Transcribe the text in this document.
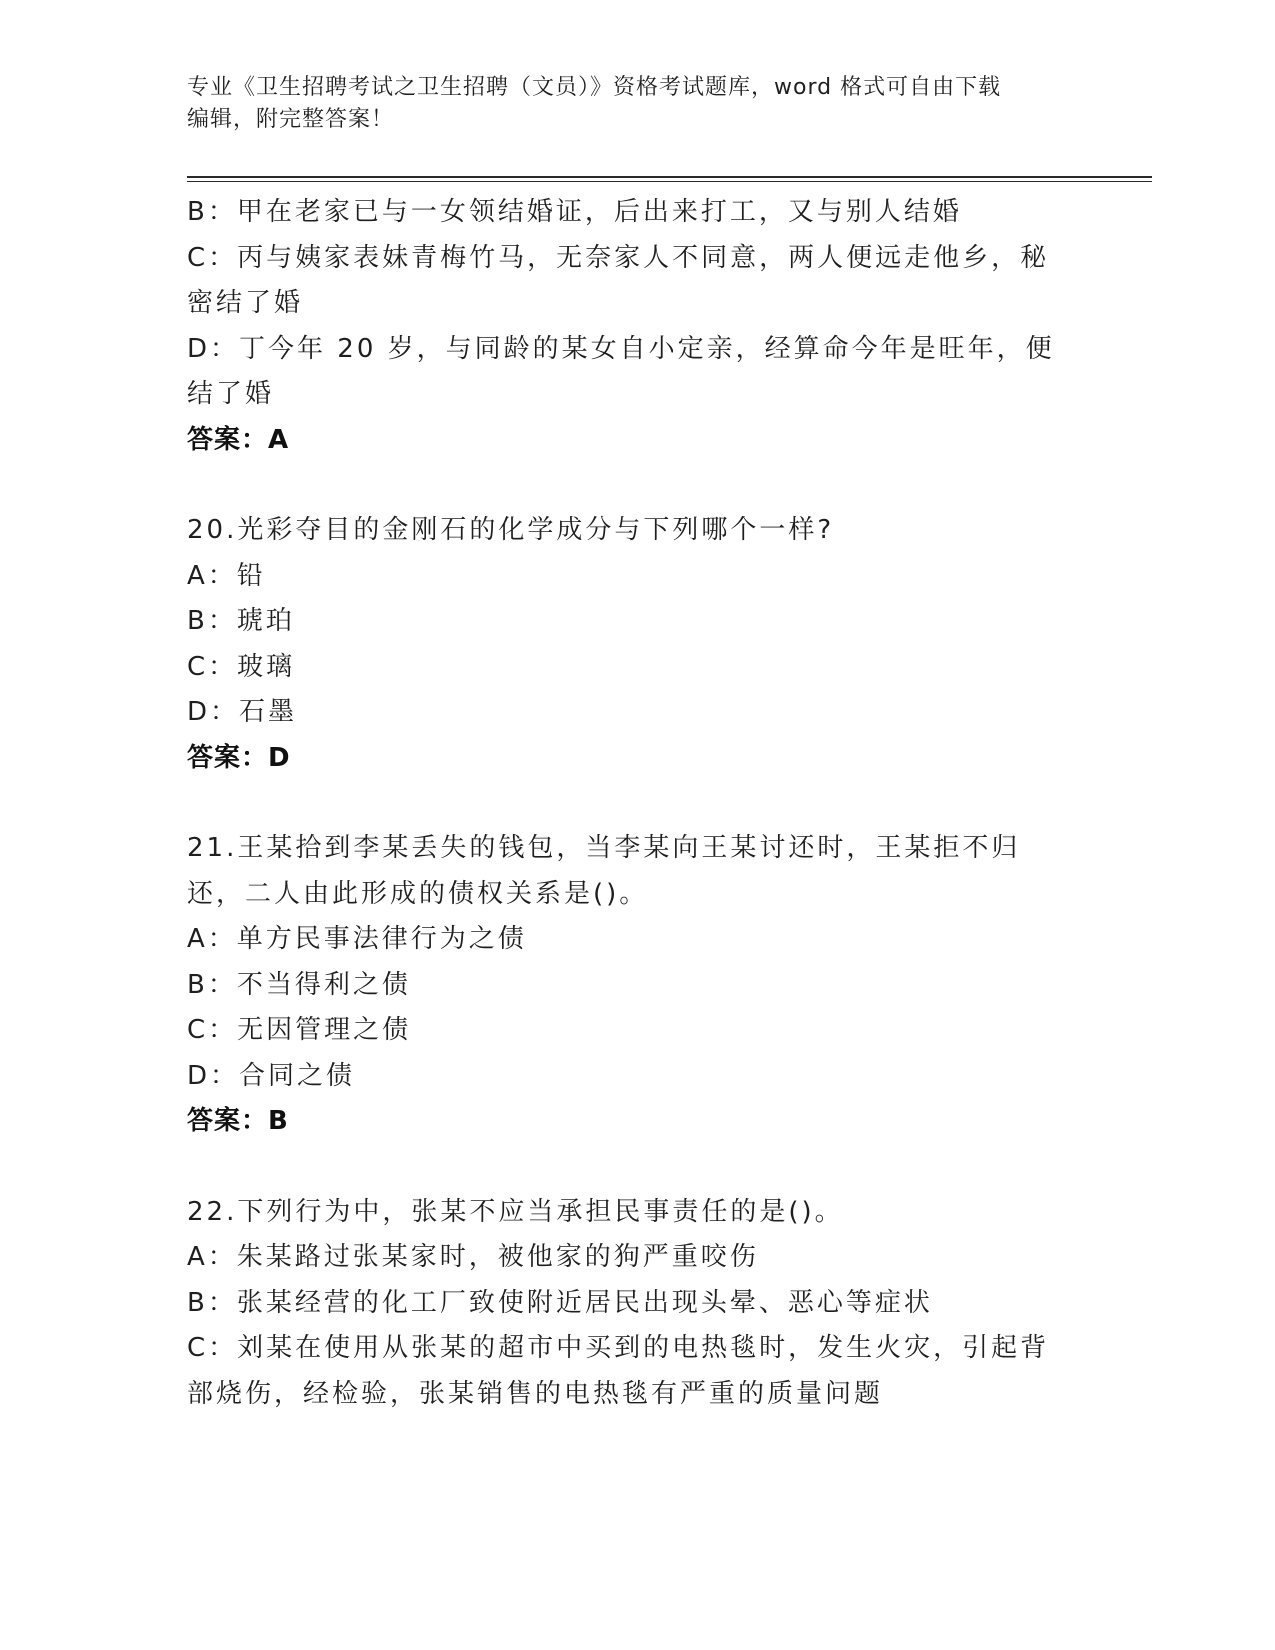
专业《卫生招聘考试之卫生招聘（文员）》资格考试题库，word 格式可自由下载
编辑，附完整答案！
B：甲在老家已与一女领结婚证，后出来打工，又与别人结婚
C：丙与姨家表妹青梅竹马，无奈家人不同意，两人便远走他乡，秘密结了婚
D：丁今年 20 岁，与同龄的某女自小定亲，经算命今年是旺年，便结了婚
答案：A
20.光彩夺目的金刚石的化学成分与下列哪个一样?
A：铅
B：琥珀
C：玻璃
D：石墨
答案：D
21.王某拾到李某丢失的钱包，当李某向王某讨还时，王某拒不归还，二人由此形成的债权关系是()。
A：单方民事法律行为之债
B：不当得利之债
C：无因管理之债
D：合同之债
答案：B
22.下列行为中，张某不应当承担民事责任的是()。
A：朱某路过张某家时，被他家的狗严重咬伤
B：张某经营的化工厂致使附近居民出现头晕、恶心等症状
C：刘某在使用从张某的超市中买到的电热毯时，发生火灾，引起背部烧伤，经检验，张某销售的电热毯有严重的质量问题
